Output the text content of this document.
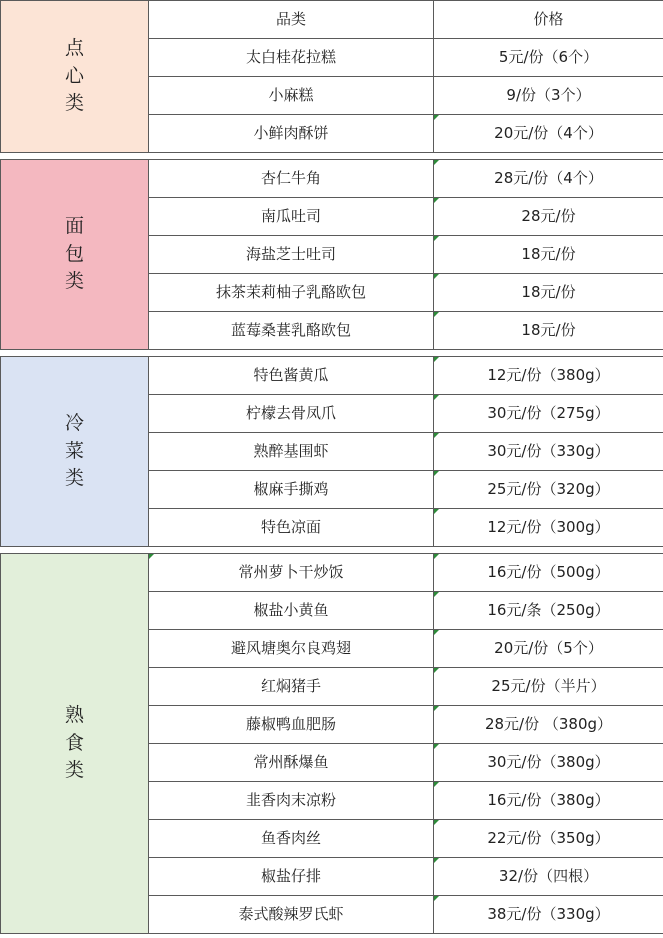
点心类	品类	价格
	太白桂花拉糕	5元/份（6个）
	小麻糕	9/份（3个）
	小鲜肉酥饼	20元/份（4个）

面包类	杏仁牛角	28元/份（4个）
	南瓜吐司	28元/份
	海盐芝士吐司	18元/份
	抹茶茉莉柚子乳酪欧包	18元/份
	蓝莓桑葚乳酪欧包	18元/份

冷菜类	特色酱黄瓜	12元/份（380g）
	柠檬去骨凤爪	30元/份（275g）
	熟醉基围虾	30元/份（330g）
	椒麻手撕鸡	25元/份（320g）
	特色凉面	12元/份（300g）

熟食类	常州萝卜干炒饭	16元/份（500g）
	椒盐小黄鱼	16元/条（250g）
	避风塘奥尔良鸡翅	20元/份（5个）
	红焖猪手	25元/份（半片）
	藤椒鸭血肥肠	28元/份 （380g）
	常州酥爆鱼	30元/份（380g）
	韭香肉末凉粉	16元/份（380g）
	鱼香肉丝	22元/份（350g）
	椒盐仔排	32/份（四根）
	泰式酸辣罗氏虾	38元/份（330g）
